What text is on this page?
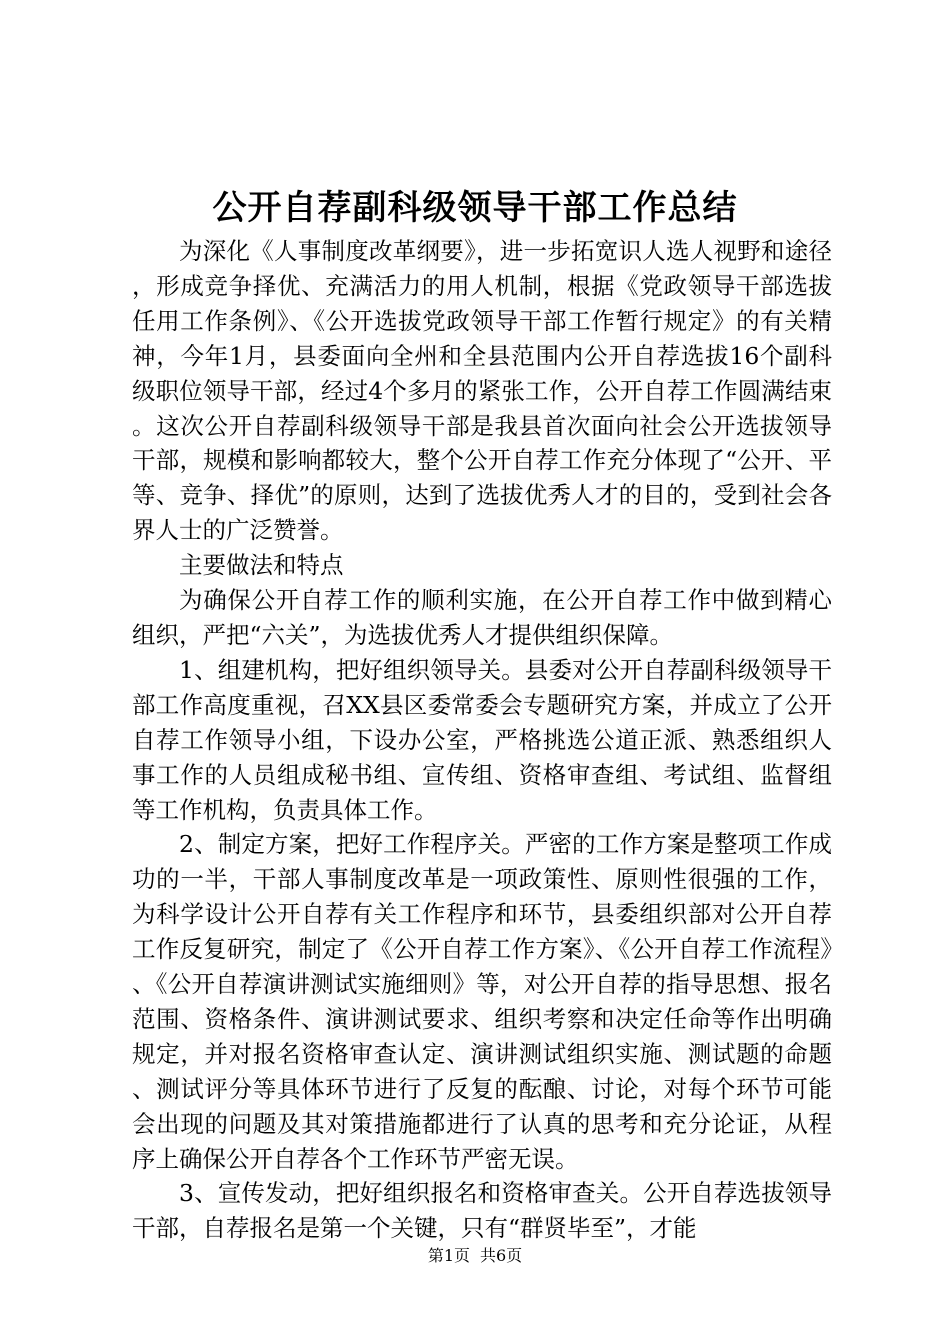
公开自荐副科级领导干部工作总结

为深化《人事制度改革纲要》，进一步拓宽识人选人视野和途径，形成竞争择优、充满活力的用人机制，根据《党政领导干部选拔任用工作条例》、《公开选拔党政领导干部工作暂行规定》的有关精神，今年1月，县委面向全州和全县范围内公开自荐选拔16个副科级职位领导干部，经过4个多月的紧张工作，公开自荐工作圆满结束。这次公开自荐副科级领导干部是我县首次面向社会公开选拔领导干部，规模和影响都较大，整个公开自荐工作充分体现了“公开、平等、竞争、择优”的原则，达到了选拔优秀人才的目的，受到社会各界人士的广泛赞誉。

主要做法和特点

为确保公开自荐工作的顺利实施，在公开自荐工作中做到精心组织，严把“六关”，为选拔优秀人才提供组织保障。

1、组建机构，把好组织领导关。县委对公开自荐副科级领导干部工作高度重视，召XX县区委常委会专题研究方案，并成立了公开自荐工作领导小组，下设办公室，严格挑选公道正派、熟悉组织人事工作的人员组成秘书组、宣传组、资格审查组、考试组、监督组等工作机构，负责具体工作。

2、制定方案，把好工作程序关。严密的工作方案是整项工作成功的一半，干部人事制度改革是一项政策性、原则性很强的工作，为科学设计公开自荐有关工作程序和环节，县委组织部对公开自荐工作反复研究，制定了《公开自荐工作方案》、《公开自荐工作流程》、《公开自荐演讲测试实施细则》等，对公开自荐的指导思想、报名范围、资格条件、演讲测试要求、组织考察和决定任命等作出明确规定，并对报名资格审查认定、演讲测试组织实施、测试题的命题、测试评分等具体环节进行了反复的酝酿、讨论，对每个环节可能会出现的问题及其对策措施都进行了认真的思考和充分论证，从程序上确保公开自荐各个工作环节严密无误。

3、宣传发动，把好组织报名和资格审查关。公开自荐选拔领导干部，自荐报名是第一个关键，只有“群贤毕至”，才能

第1页 共6页
